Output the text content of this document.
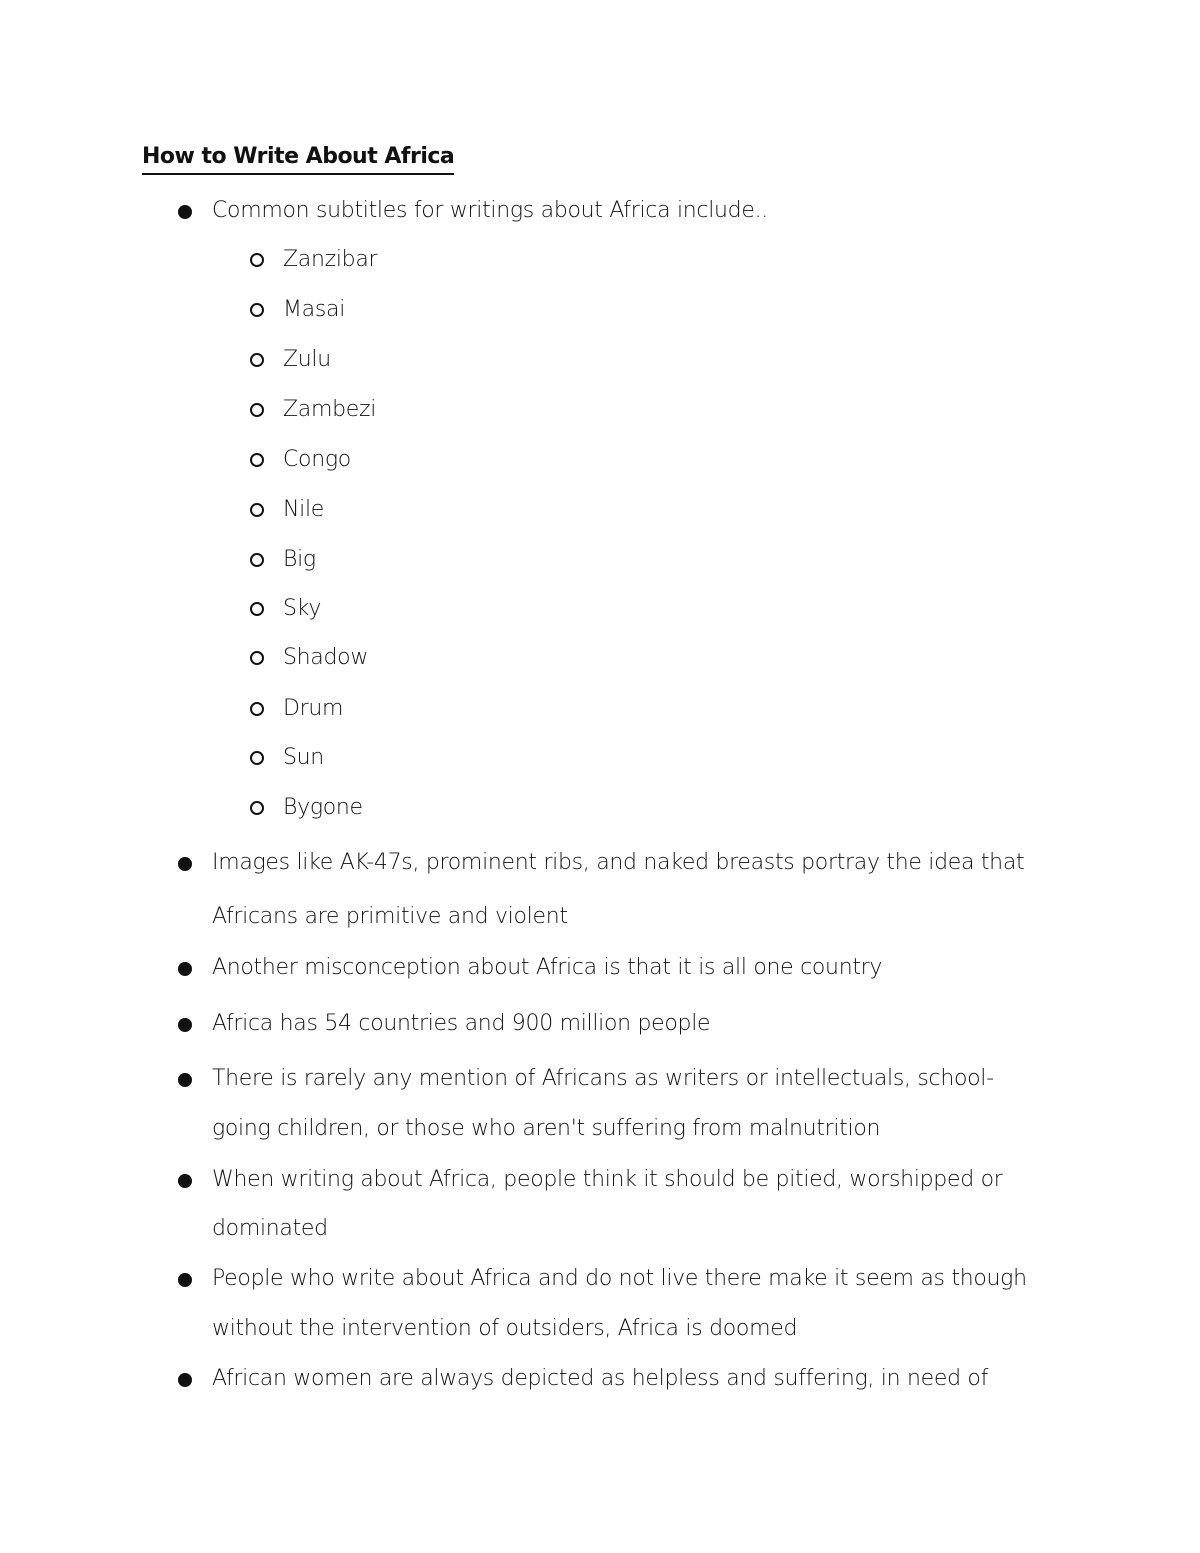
How to Write About Africa
Common subtitles for writings about Africa include..
Zanzibar
Masai
Zulu
Zambezi
Congo
Nile
Big
Sky
Shadow
Drum
Sun
Bygone
Images like AK-47s, prominent ribs, and naked breasts portray the idea that
Africans are primitive and violent
Another misconception about Africa is that it is all one country
Africa has 54 countries and 900 million people
There is rarely any mention of Africans as writers or intellectuals, school-
going children, or those who aren't suffering from malnutrition
When writing about Africa, people think it should be pitied, worshipped or
dominated
People who write about Africa and do not live there make it seem as though
without the intervention of outsiders, Africa is doomed
African women are always depicted as helpless and suffering, in need of
